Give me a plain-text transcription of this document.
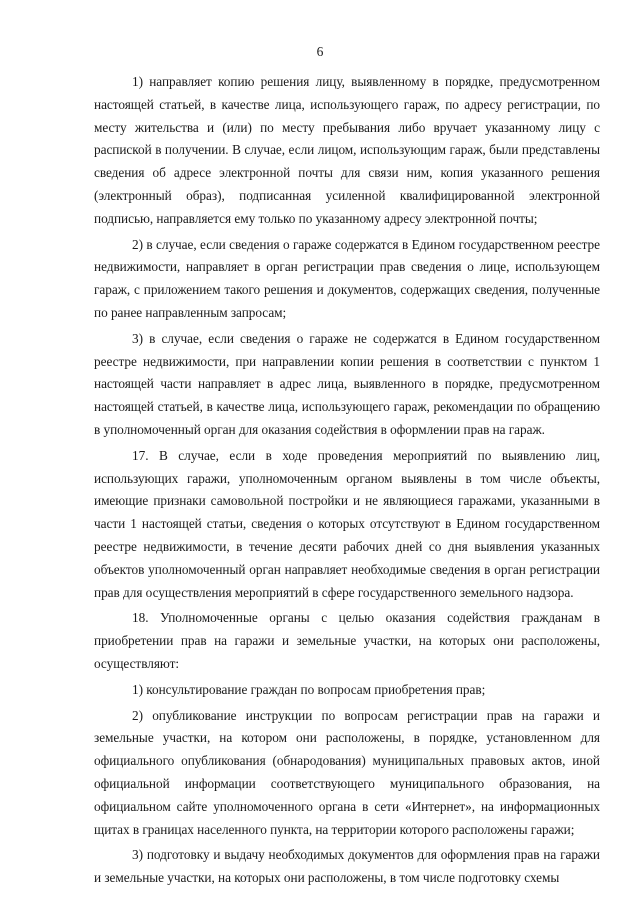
6

1) направляет копию решения лицу, выявленному в порядке, предусмотренном настоящей статьей, в качестве лица, использующего гараж, по адресу регистрации, по месту жительства и (или) по месту пребывания либо вручает указанному лицу с распиской в получении. В случае, если лицом, использующим гараж, были представлены сведения об адресе электронной почты для связи ним, копия указанного решения (электронный образ), подписанная усиленной квалифицированной электронной подписью, направляется ему только по указанному адресу электронной почты;

2) в случае, если сведения о гараже содержатся в Едином государственном реестре недвижимости, направляет в орган регистрации прав сведения о лице, использующем гараж, с приложением такого решения и документов, содержащих сведения, полученные по ранее направленным запросам;

3) в случае, если сведения о гараже не содержатся в Едином государственном реестре недвижимости, при направлении копии решения в соответствии с пунктом 1 настоящей части направляет в адрес лица, выявленного в порядке, предусмотренном настоящей статьей, в качестве лица, использующего гараж, рекомендации по обращению в уполномоченный орган для оказания содействия в оформлении прав на гараж.

17. В случае, если в ходе проведения мероприятий по выявлению лиц, использующих гаражи, уполномоченным органом выявлены в том числе объекты, имеющие признаки самовольной постройки и не являющиеся гаражами, указанными в части 1 настоящей статьи, сведения о которых отсутствуют в Едином государственном реестре недвижимости, в течение десяти рабочих дней со дня выявления указанных объектов уполномоченный орган направляет необходимые сведения в орган регистрации прав для осуществления мероприятий в сфере государственного земельного надзора.

18. Уполномоченные органы с целью оказания содействия гражданам в приобретении прав на гаражи и земельные участки, на которых они расположены, осуществляют:

1) консультирование граждан по вопросам приобретения прав;

2) опубликование инструкции по вопросам регистрации прав на гаражи и земельные участки, на котором они расположены, в порядке, установленном для официального опубликования (обнародования) муниципальных правовых актов, иной официальной информации соответствующего муниципального образования, на официальном сайте уполномоченного органа в сети «Интернет», на информационных щитах в границах населенного пункта, на территории которого расположены гаражи;

3) подготовку и выдачу необходимых документов для оформления прав на гаражи и земельные участки, на которых они расположены, в том числе подготовку схемы
